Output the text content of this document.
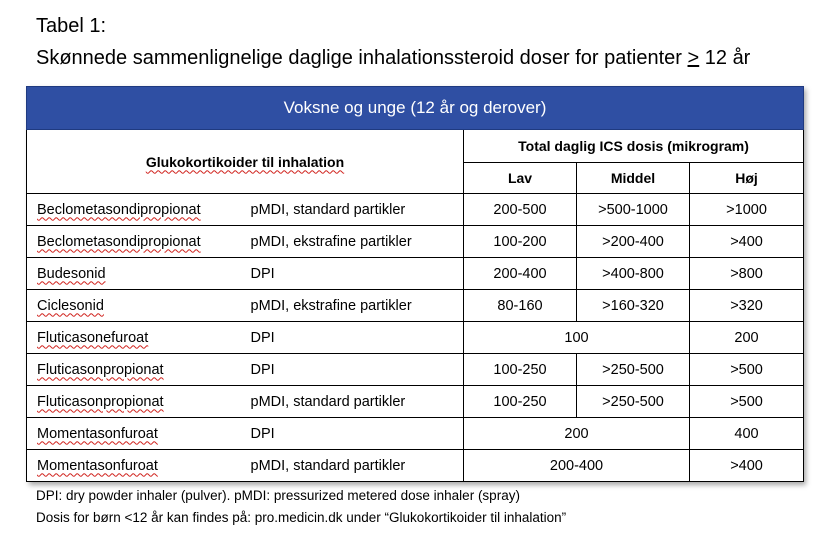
Tabel 1:
Skønnede sammenlignelige daglige inhalationssteroid doser for patienter > 12 år
Voksne og unge (12 år og derover)				
Glukokortikoider til inhalation		Total daglig ICS dosis (mikrogram)		
		Lav	Middel	Høj
Beclometasondipropionat	pMDI, standard partikler	200-500	>500-1000	>1000
Beclometasondipropionat	pMDI, ekstrafine partikler	100-200	>200-400	>400
Budesonid	DPI	200-400	>400-800	>800
Ciclesonid	pMDI, ekstrafine partikler	80-160	>160-320	>320
Fluticasonefuroat	DPI	100		200
Fluticasonpropionat	DPI	100-250	>250-500	>500
Fluticasonpropionat	pMDI, standard partikler	100-250	>250-500	>500
Momentasonfuroat	DPI	200		400
Momentasonfuroat	pMDI, standard partikler	200-400		>400
DPI: dry powder inhaler (pulver). pMDI: pressurized metered dose inhaler (spray)
Dosis for børn <12 år kan findes på: pro.medicin.dk under “Glukokortikoider til inhalation”
